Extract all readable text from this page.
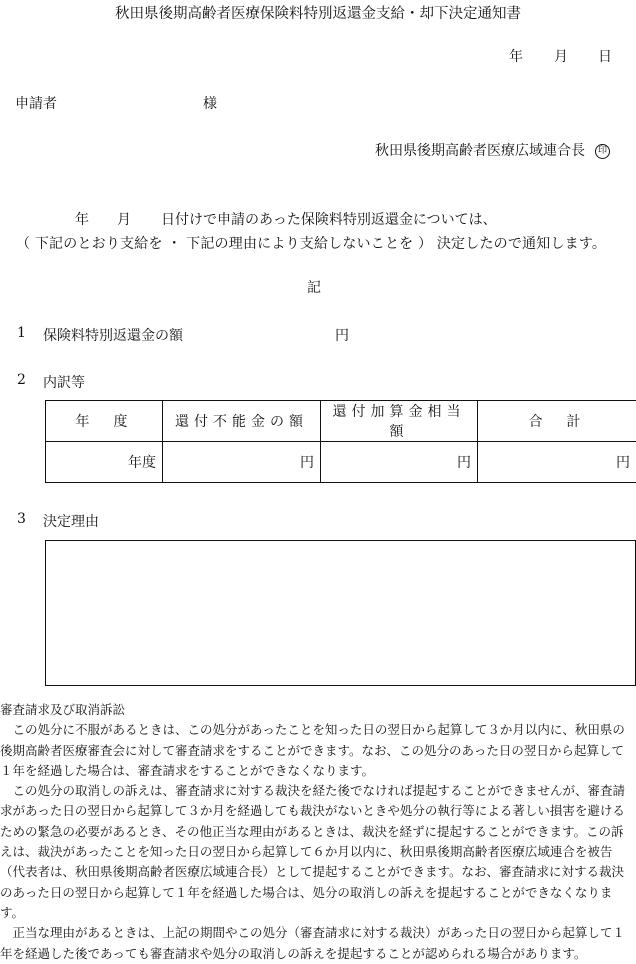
秋田県後期高齢者医療保険料特別返還金支給・却下決定通知書
年 月 日
申請者	様
秋田県後期高齢者医療広域連合長 印
年 月 日付けで申請のあった保険料特別返還金については、
（ 下記のとおり支給を ・ 下記の理由により支給しないことを ） 決定したので通知します。
記
1 保険料特別返還金の額	円
2 内訳等
年　度	還付不能金の額	還付加算金相当額	合　計
年度	円	円	円
3 決定理由

審査請求及び取消訴訟

この処分に不服があるときは、この処分があったことを知った日の翌日から起算して３か月以内に、秋田県の後期高齢者医療審査会に対して審査請求をすることができます。なお、この処分のあった日の翌日から起算して１年を経過した場合は、審査請求をすることができなくなります。

この処分の取消しの訴えは、審査請求に対する裁決を経た後でなければ提起することができませんが、審査請求があった日の翌日から起算して３か月を経過しても裁決がないときや処分の執行等による著しい損害を避けるための緊急の必要があるとき、その他正当な理由があるときは、裁決を経ずに提起することができます。この訴えは、裁決があったことを知った日の翌日から起算して６か月以内に、秋田県後期高齢者医療広域連合を被告（代表者は、秋田県後期高齢者医療広域連合長）として提起することができます。なお、審査請求に対する裁決のあった日の翌日から起算して１年を経過した場合は、処分の取消しの訴えを提起することができなくなります。

正当な理由があるときは、上記の期間やこの処分（審査請求に対する裁決）があった日の翌日から起算して１年を経過した後であっても審査請求や処分の取消しの訴えを提起することが認められる場合があります。
